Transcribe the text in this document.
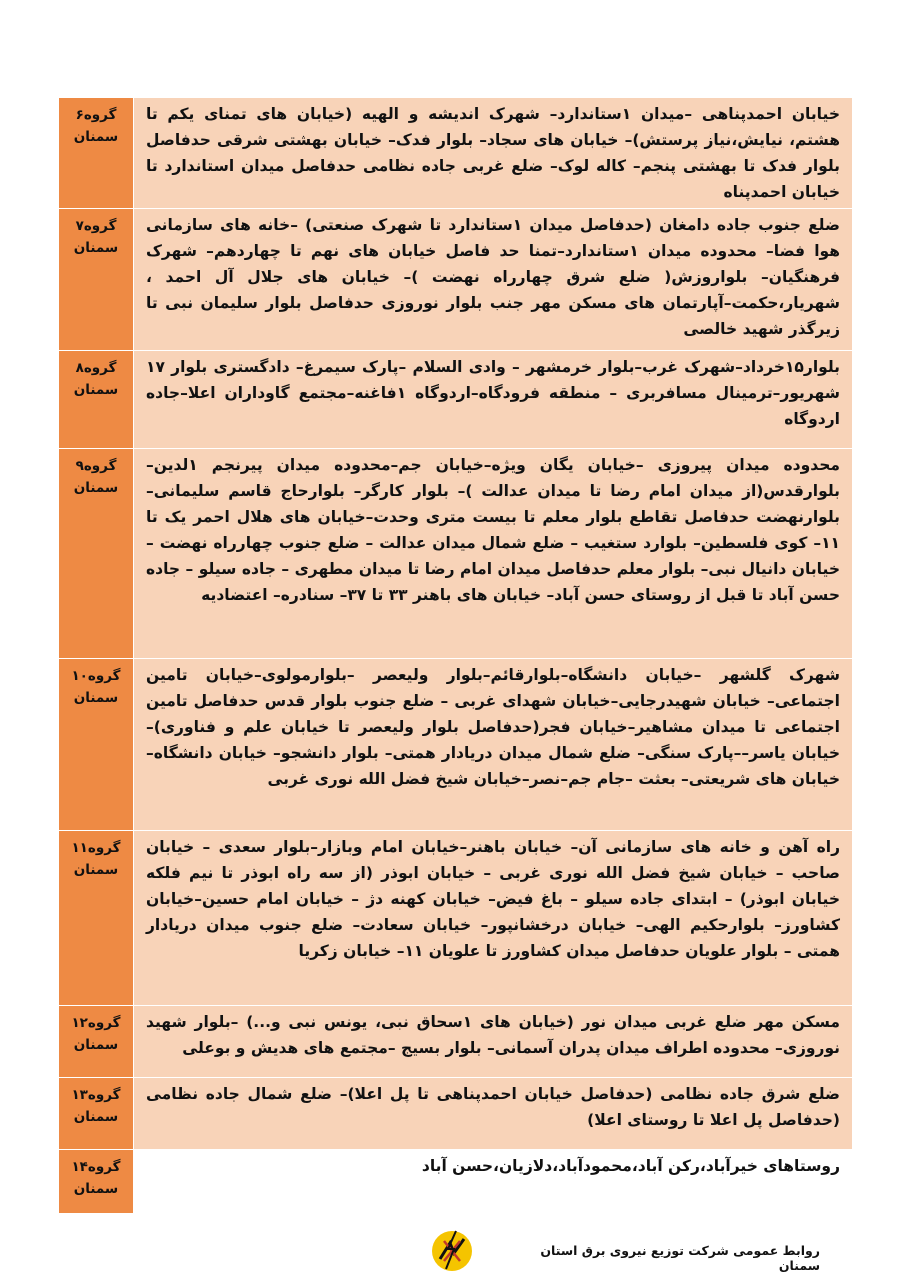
خیابان احمدپناهی –میدان ۱ستاندارد– شهرک اندیشه و الهیه (خیابان های تمنای یکم تا هشتم، نیایش،نیاز پرستش)– خیابان های سجاد– بلوار فدک– خیابان بهشتی شرقی حدفاصل بلوار فدک تا بهشتی پنجم– کاله لوک– ضلع غربی جاده نظامی حدفاصل میدان استاندارد تا خیابان احمدپناه	گروه۶
سمنان

ضلع جنوب جاده دامغان (حدفاصل میدان ۱ستاندارد تا شهرک صنعتی) –خانه های سازمانی هوا فضا– محدوده میدان ۱ستاندارد–تمنا حد فاصل خیابان های نهم تا چهاردهم– شهرک فرهنگیان– بلواروزش( ضلع شرق چهارراه نهضت )– خیابان های جلال آل احمد ، شهریار،حکمت–آپارتمان های مسکن مهر جنب بلوار نوروزی حدفاصل بلوار سلیمان نبی تا زیرگذر شهید خالصی	گروه۷
سمنان

بلوار۱۵خرداد–شهرک غرب–بلوار خرمشهر – وادی السلام –پارک سیمرغ– دادگستری بلوار ۱۷ شهریور–ترمینال مسافربری – منطقه فرودگاه–اردوگاه ۱فاغنه–مجتمع گاوداران اعلا–جاده اردوگاه	گروه۸
سمنان

محدوده میدان پیروزی –خیابان یگان ویژه–خیابان جم–محدوده میدان پیرنجم ۱لدین– بلوارقدس(از میدان امام رضا تا میدان عدالت )– بلوار کارگر– بلوارحاج قاسم سلیمانی– بلوارنهضت حدفاصل تقاطع بلوار معلم تا بیست متری وحدت–خیابان های هلال احمر یک تا ۱۱– کوی فلسطین– بلوارد ستغیب – ضلع شمال میدان عدالت – ضلع جنوب چهارراه نهضت –خیابان دانیال نبی– بلوار معلم حدفاصل میدان امام رضا تا میدان مطهری – جاده سیلو – جاده حسن آباد تا قبل از روستای حسن آباد– خیابان های باهنر ۳۳ تا ۳۷– سنادره– اعتضادیه	گروه۹
سمنان

شهرک گلشهر –خیابان دانشگاه–بلوارقائم–بلوار ولیعصر –بلوارمولوی–خیابان تامین اجتماعی– خیابان شهیدرجایی–خیابان شهدای غربی – ضلع جنوب بلوار قدس حدفاصل تامین اجتماعی تا میدان مشاهیر–خیابان فجر(حدفاصل بلوار ولیعصر تا خیابان علم و فناوری)–خیابان یاسر––پارک سنگی– ضلع شمال میدان دریادار همتی– بلوار دانشجو– خیابان دانشگاه–خیابان های شریعتی– بعثت –جام جم–نصر–خیابان شیخ فضل الله نوری غربی	گروه۱۰
سمنان

راه آهن و خانه های سازمانی آن– خیابان باهنر–خیابان امام وبازار–بلوار سعدی – خیابان صاحب – خیابان شیخ فضل الله نوری غربی – خیابان ابوذر (از سه راه ابوذر تا نیم فلکه خیابان ابوذر) – ابتدای جاده سیلو – باغ فیض– خیابان کهنه دژ – خیابان امام حسین–خیابان کشاورز– بلوارحکیم الهی– خیابان درخشانپور– خیابان سعادت– ضلع جنوب میدان دریادار همتی – بلوار علویان حدفاصل میدان کشاورز تا علویان ۱۱– خیابان زکریا	گروه۱۱
سمنان

مسکن مهر ضلع غربی میدان نور (خیابان های ۱سحاق نبی، یونس نبی و...) –بلوار شهید نوروزی– محدوده اطراف میدان پدران آسمانی– بلوار بسیج –مجتمع های هدیش و بوعلی	گروه۱۲
سمنان

ضلع شرق جاده نظامی (حدفاصل خیابان احمدپناهی تا پل اعلا)– ضلع شمال جاده نظامی (حدفاصل پل اعلا تا روستای اعلا)	گروه۱۳
سمنان

روستاهای خیرآباد،رکن آباد،محمودآباد،دلازیان،حسن آباد	گروه۱۴
سمنان
روابط عمومی شرکت توزیع نیروی برق استان سمنان
